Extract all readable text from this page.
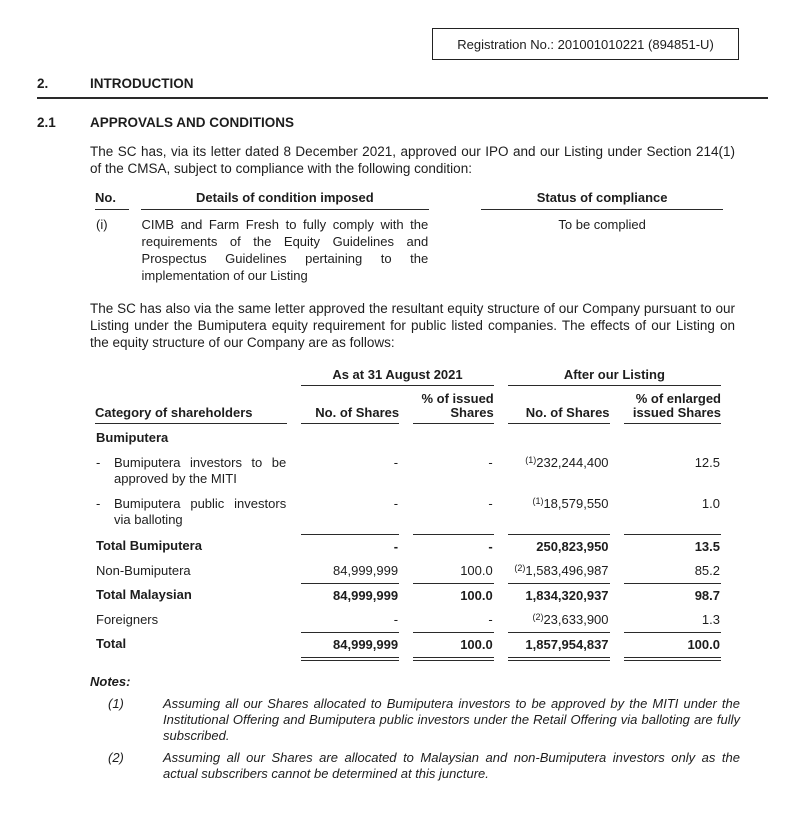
Registration No.: 201001010221 (894851-U)
2.	INTRODUCTION
2.1	APPROVALS AND CONDITIONS

The SC has, via its letter dated 8 December 2021, approved our IPO and our Listing under Section 214(1) of the CMSA, subject to compliance with the following condition:

No.	Details of condition imposed		Status of compliance
(i)	CIMB and Farm Fresh to fully comply with the requirements of the Equity Guidelines and Prospectus Guidelines pertaining to the implementation of our Listing		To be complied

The SC has also via the same letter approved the resultant equity structure of our Company pursuant to our Listing under the Bumiputera equity requirement for public listed companies. The effects of our Listing on the equity structure of our Company are as follows:

	As at 31 August 2021		After our Listing	
Category of shareholders	No. of Shares	% of issued Shares	No. of Shares	% of enlarged issued Shares
Bumiputera				

- Bumiputera investors to be approved by the MITI	-	-	$^{(1)}$232,244,400	12.5

- Bumiputera public investors via balloting	-	-	$^{(1)}$18,579,550	1.0
Total Bumiputera	-	-	250,823,950	13.5
Non-Bumiputera	84,999,999	100.0	$^{(2)}$1,583,496,987	85.2
Total Malaysian	84,999,999	100.0	1,834,320,937	98.7
Foreigners	-	-	$^{(2)}$23,633,900	1.3
Total	84,999,999	100.0	1,857,954,837	100.0
Notes:
(1)	Assuming all our Shares allocated to Bumiputera investors to be approved by the MITI under the Institutional Offering and Bumiputera public investors under the Retail Offering via balloting are fully subscribed.
(2)	Assuming all our Shares are allocated to Malaysian and non-Bumiputera investors only as the actual subscribers cannot be determined at this juncture.
